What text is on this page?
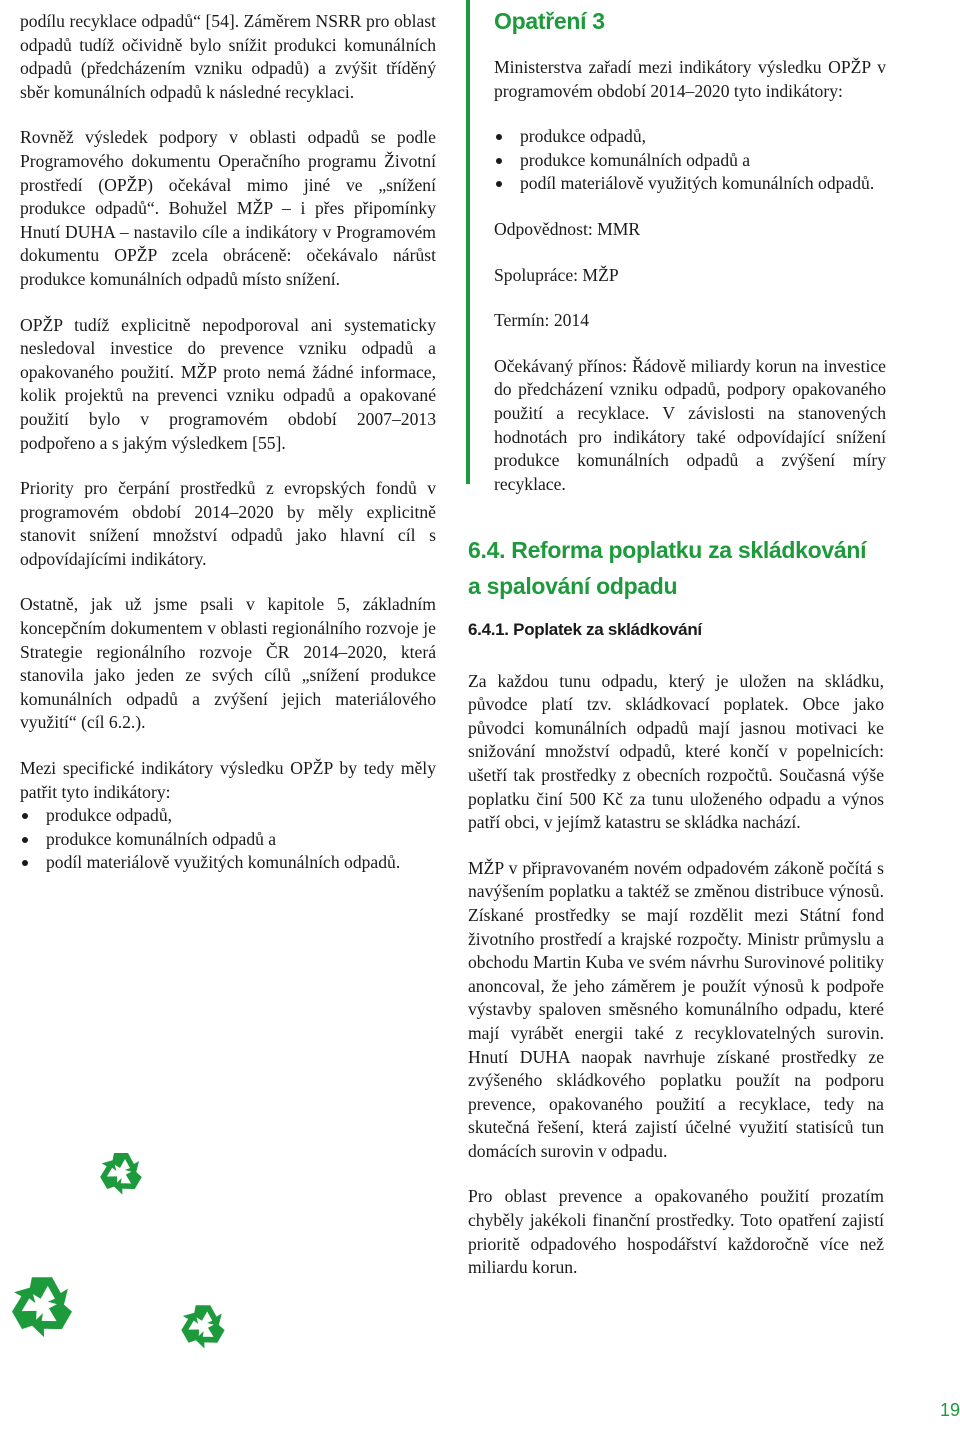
podílu recyklace odpadů“ [54]. Záměrem NSRR pro oblast odpadů tudíž očividně bylo snížit produkci komunálních odpadů (předcházením vzniku odpadů) a zvýšit tříděný sběr komunálních odpadů k následné recyklaci.

Rovněž výsledek podpory v oblasti odpadů se podle Programového dokumentu Operačního programu Životní prostředí (OPŽP) očekával mimo jiné ve „snížení produkce odpadů“. Bohužel MŽP – i přes připomínky Hnutí DUHA – nastavilo cíle a indikátory v Programovém dokumentu OPŽP zcela obráceně: očekávalo nárůst produkce komunálních odpadů místo snížení.

OPŽP tudíž explicitně nepodporoval ani systematicky nesledoval investice do prevence vzniku odpadů a opakovaného použití. MŽP proto nemá žádné informace, kolik projektů na prevenci vzniku odpadů a opakované použití bylo v programovém období 2007–2013 podpořeno a s jakým výsledkem [55].

Priority pro čerpání prostředků z evropských fondů v programovém období 2014–2020 by měly explicitně stanovit snížení množství odpadů jako hlavní cíl s odpovídajícími indikátory.

Ostatně, jak už jsme psali v kapitole 5, základním koncepčním dokumentem v oblasti regionálního rozvoje je Strategie regionálního rozvoje ČR 2014–2020, která stanovila jako jeden ze svých cílů „snížení produkce komunálních odpadů a zvýšení jejich materiálového využití“ (cíl 6.2.).

Mezi specifické indikátory výsledku OPŽP by tedy měly patřit tyto indikátory:

produkce odpadů,
produkce komunálních odpadů a
podíl materiálově využitých komunálních odpadů.
Opatření 3

Ministerstva zařadí mezi indikátory výsledku OPŽP v programovém období 2014–2020 tyto indikátory:

produkce odpadů,
produkce komunálních odpadů a
podíl materiálově využitých komunálních odpadů.

Odpovědnost: MMR

Spolupráce: MŽP

Termín: 2014

Očekávaný přínos: Řádově miliardy korun na investice do předcházení vzniku odpadů, podpory opakovaného použití a recyklace. V závislosti na stanovených hodnotách pro indikátory také odpovídající snížení produkce komunálních odpadů a zvýšení míry recyklace.

6.4. Reforma poplatku za skládkování
a spalování odpadu
6.4.1. Poplatek za skládkování

Za každou tunu odpadu, který je uložen na skládku, původce platí tzv. skládkovací poplatek. Obce jako původci komunálních odpadů mají jasnou motivaci ke snižování množství odpadů, které končí v popelnicích: ušetří tak prostředky z obecních rozpočtů. Současná výše poplatku činí 500 Kč za tunu uloženého odpadu a výnos patří obci, v jejímž katastru se skládka nachází.

MŽP v připravovaném novém odpadovém zákoně počítá s navýšením poplatku a taktéž se změnou distribuce výnosů. Získané prostředky se mají rozdělit mezi Státní fond životního prostředí a krajské rozpočty. Ministr průmyslu a obchodu Martin Kuba ve svém návrhu Surovinové politiky anoncoval, že jeho záměrem je použít výnosů k podpoře výstavby spaloven směsného komunálního odpadu, které mají vyrábět energii také z recyklovatelných surovin. Hnutí DUHA naopak navrhuje získané prostředky ze zvýšeného skládkového poplatku použít na podporu prevence, opakovaného použití a recyklace, tedy na skutečná řešení, která zajistí účelné využití statisíců tun domácích surovin v odpadu.

Pro oblast prevence a opakovaného použití prozatím chyběly jakékoli finanční prostředky. Toto opatření zajistí prioritě odpadového hospodářství každoročně více než miliardu korun.

19
